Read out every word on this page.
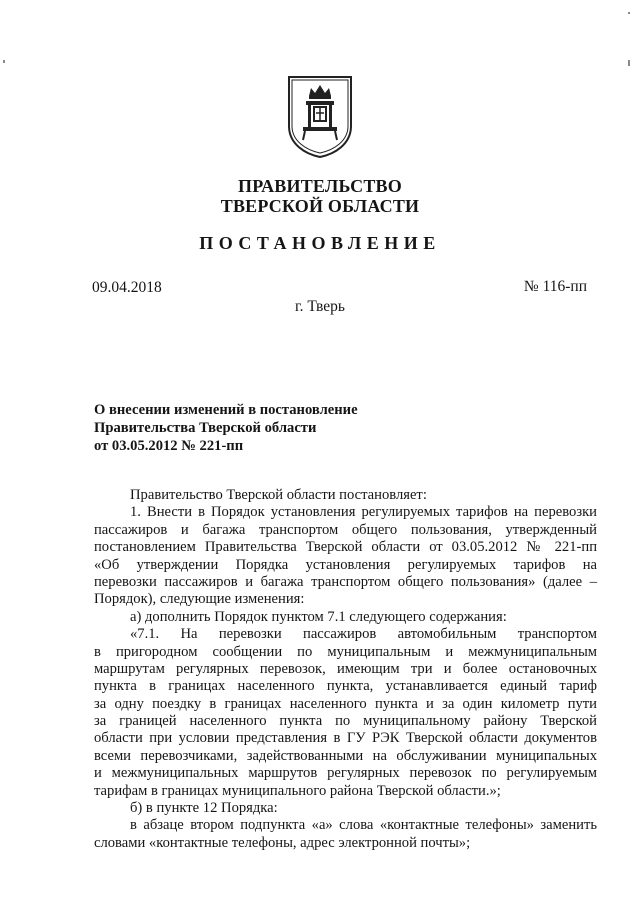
ПРАВИТЕЛЬСТВО
ТВЕРСКОЙ ОБЛАСТИ
ПОСТАНОВЛЕНИЕ
09.04.2018	№ 116-пп
г. Тверь
О внесении изменений в постановление
Правительства Тверской области
от 03.05.2012 № 221-пп
Правительство Тверской области постановляет:
1. Внести в Порядок установления регулируемых тарифов на перевозки
пассажиров и багажа транспортом общего пользования, утвержденный
постановлением Правительства Тверской области от 03.05.2012 № 221-пп
«Об утверждении Порядка установления регулируемых тарифов на
перевозки пассажиров и багажа транспортом общего пользования» (далее –
Порядок), следующие изменения:
а) дополнить Порядок пунктом 7.1 следующего содержания:
«7.1. На перевозки пассажиров автомобильным транспортом
в пригородном сообщении по муниципальным и межмуниципальным
маршрутам регулярных перевозок, имеющим три и более остановочных
пункта в границах населенного пункта, устанавливается единый тариф
за одну поездку в границах населенного пункта и за один километр пути
за границей населенного пункта по муниципальному району Тверской
области при условии представления в ГУ РЭК Тверской области документов
всеми перевозчиками, задействованными на обслуживании муниципальных
и межмуниципальных маршрутов регулярных перевозок по регулируемым
тарифам в границах муниципального района Тверской области.»;
б) в пункте 12 Порядка:
в абзаце втором подпункта «а» слова «контактные телефоны» заменить
словами «контактные телефоны, адрес электронной почты»;
